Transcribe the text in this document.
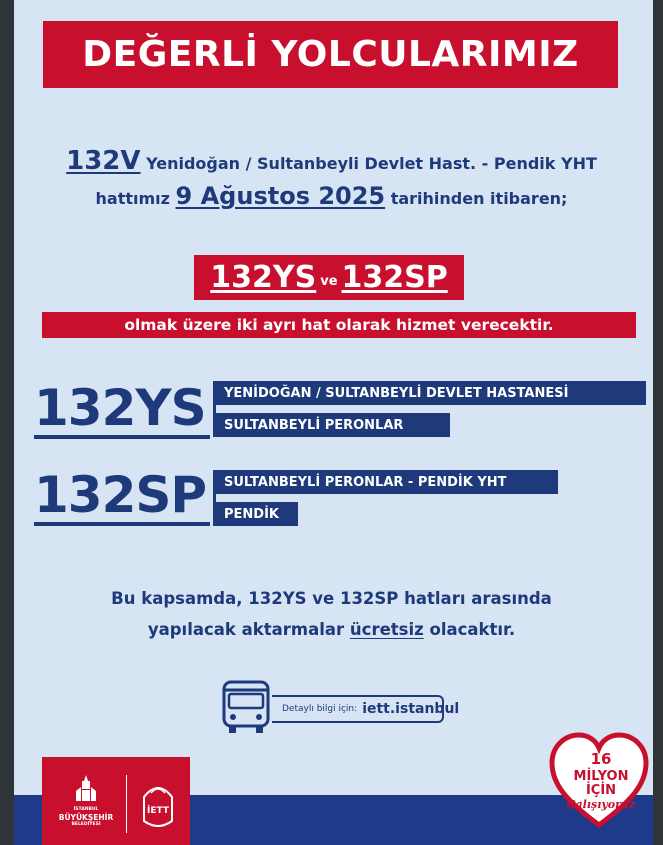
DEĞERLİ YOLCULARIMIZ
132V Yenidoğan / Sultanbeyli Devlet Hast. - Pendik YHT
hattımız 9 Ağustos 2025 tarihinden itibaren;
132YS ve 132SP
olmak üzere iki ayrı hat olarak hizmet verecektir.
132YS	YENİDOĞAN / SULTANBEYLİ DEVLET HASTANESİ
SULTANBEYLİ PERONLAR
132SP	SULTANBEYLİ PERONLAR - PENDİK YHT
PENDİK
Bu kapsamda, 132YS ve 132SP hatları arasında
yapılacak aktarmalar ücretsiz olacaktır.
Detaylı bilgi için: iett.istanbul
İSTANBUL
BÜYÜKŞEHİR
BELEDİYESİ
İETT
16
MİLYON
İÇİN
Çalışıyoruz
